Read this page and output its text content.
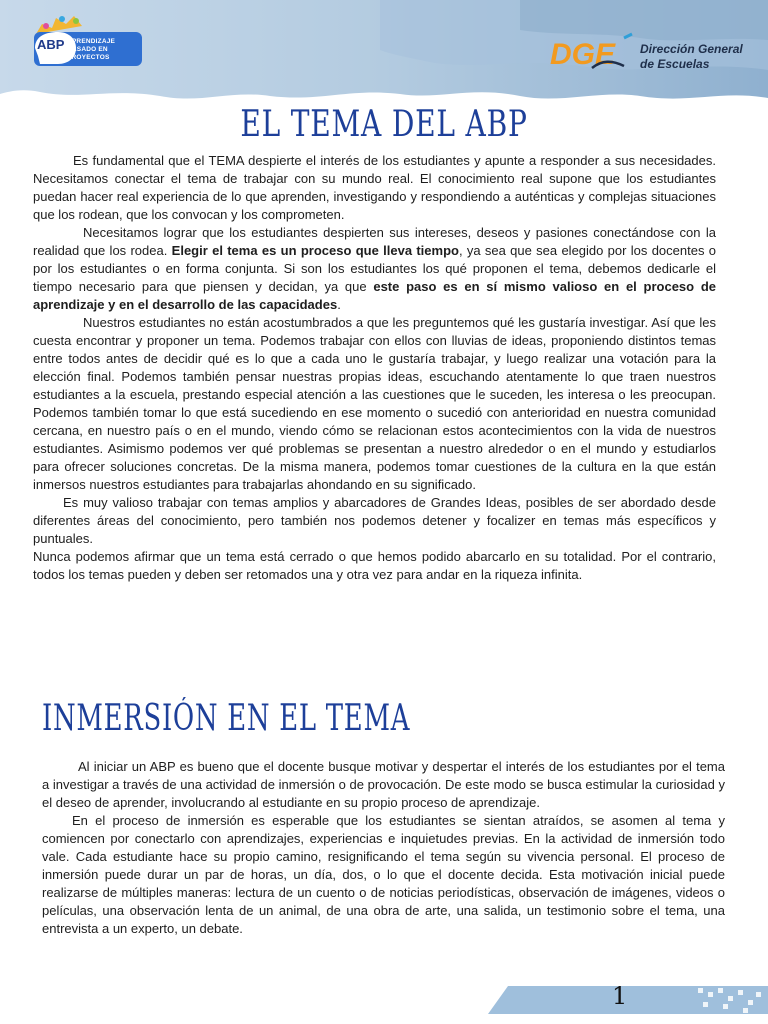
ABP APRENDIZAJE
BASADO EN
PROYECTOS	DGE Dirección General
de Escuelas
EL TEMA DEL ABP

Es fundamental que el TEMA despierte el interés de los estudiantes y apunte a responder a sus necesidades. Necesitamos conectar el tema de trabajar con su mundo real. El conocimiento real supone que los estudiantes puedan hacer real experiencia de lo que aprenden, investigando y respondiendo a auténticas y complejas situaciones que los rodean, que los convocan y los comprometen.

Necesitamos lograr que los estudiantes despierten sus intereses, deseos y pasiones conectándose con la realidad que los rodea. Elegir el tema es un proceso que lleva tiempo, ya sea que sea elegido por los docentes o por los estudiantes o en forma conjunta. Si son los estudiantes los qué proponen el tema, debemos dedicarle el tiempo necesario para que piensen y decidan, ya que este paso es en sí mismo valioso en el proceso de aprendizaje y en el desarrollo de las capacidades.

Nuestros estudiantes no están acostumbrados a que les preguntemos qué les gustaría investigar. Así que les cuesta encontrar y proponer un tema. Podemos trabajar con ellos con lluvias de ideas, proponiendo distintos temas entre todos antes de decidir qué es lo que a cada uno le gustaría trabajar, y luego realizar una votación para la elección final. Podemos también pensar nuestras propias ideas, escuchando atentamente lo que traen nuestros estudiantes a la escuela, prestando especial atención a las cuestiones que le suceden, les interesa o les preocupan. Podemos también tomar lo que está sucediendo en ese momento o sucedió con anterioridad en nuestra comunidad cercana, en nuestro país o en el mundo, viendo cómo se relacionan estos acontecimientos con la vida de nuestros estudiantes. Asimismo podemos ver qué problemas se presentan a nuestro alrededor o en el mundo y estudiarlos para ofrecer soluciones concretas. De la misma manera, podemos tomar cuestiones de la cultura en la que están inmersos nuestros estudiantes para trabajarlas ahondando en su significado.

Es muy valioso trabajar con temas amplios y abarcadores de Grandes Ideas, posibles de ser abordado desde diferentes áreas del conocimiento, pero también nos podemos detener y focalizer en temas más específicos y puntuales.

Nunca podemos afirmar que un tema está cerrado o que hemos podido abarcarlo en su totalidad. Por el contrario, todos los temas pueden y deben ser retomados una y otra vez para andar en la riqueza infinita.

INMERSIÓN EN EL TEMA

Al iniciar un ABP es bueno que el docente busque motivar y despertar el interés de los estudiantes por el tema a investigar a través de una actividad de inmersión o de provocación. De este modo se busca estimular la curiosidad y el deseo de aprender, involucrando al estudiante en su propio proceso de aprendizaje.

En el proceso de inmersión es esperable que los estudiantes se sientan atraídos, se asomen al tema y comiencen por conectarlo con aprendizajes, experiencias e inquietudes previas. En la actividad de inmersión todo vale. Cada estudiante hace su propio camino, resignificando el tema según su vivencia personal. El proceso de inmersión puede durar un par de horas, un día, dos, o lo que el docente decida. Esta motivación inicial puede realizarse de múltiples maneras: lectura de un cuento o de noticias periodísticas, observación de imágenes, videos o películas, una observación lenta de un animal, de una obra de arte, una salida, un testimonio sobre el tema, una entrevista a un experto, un debate.

1
